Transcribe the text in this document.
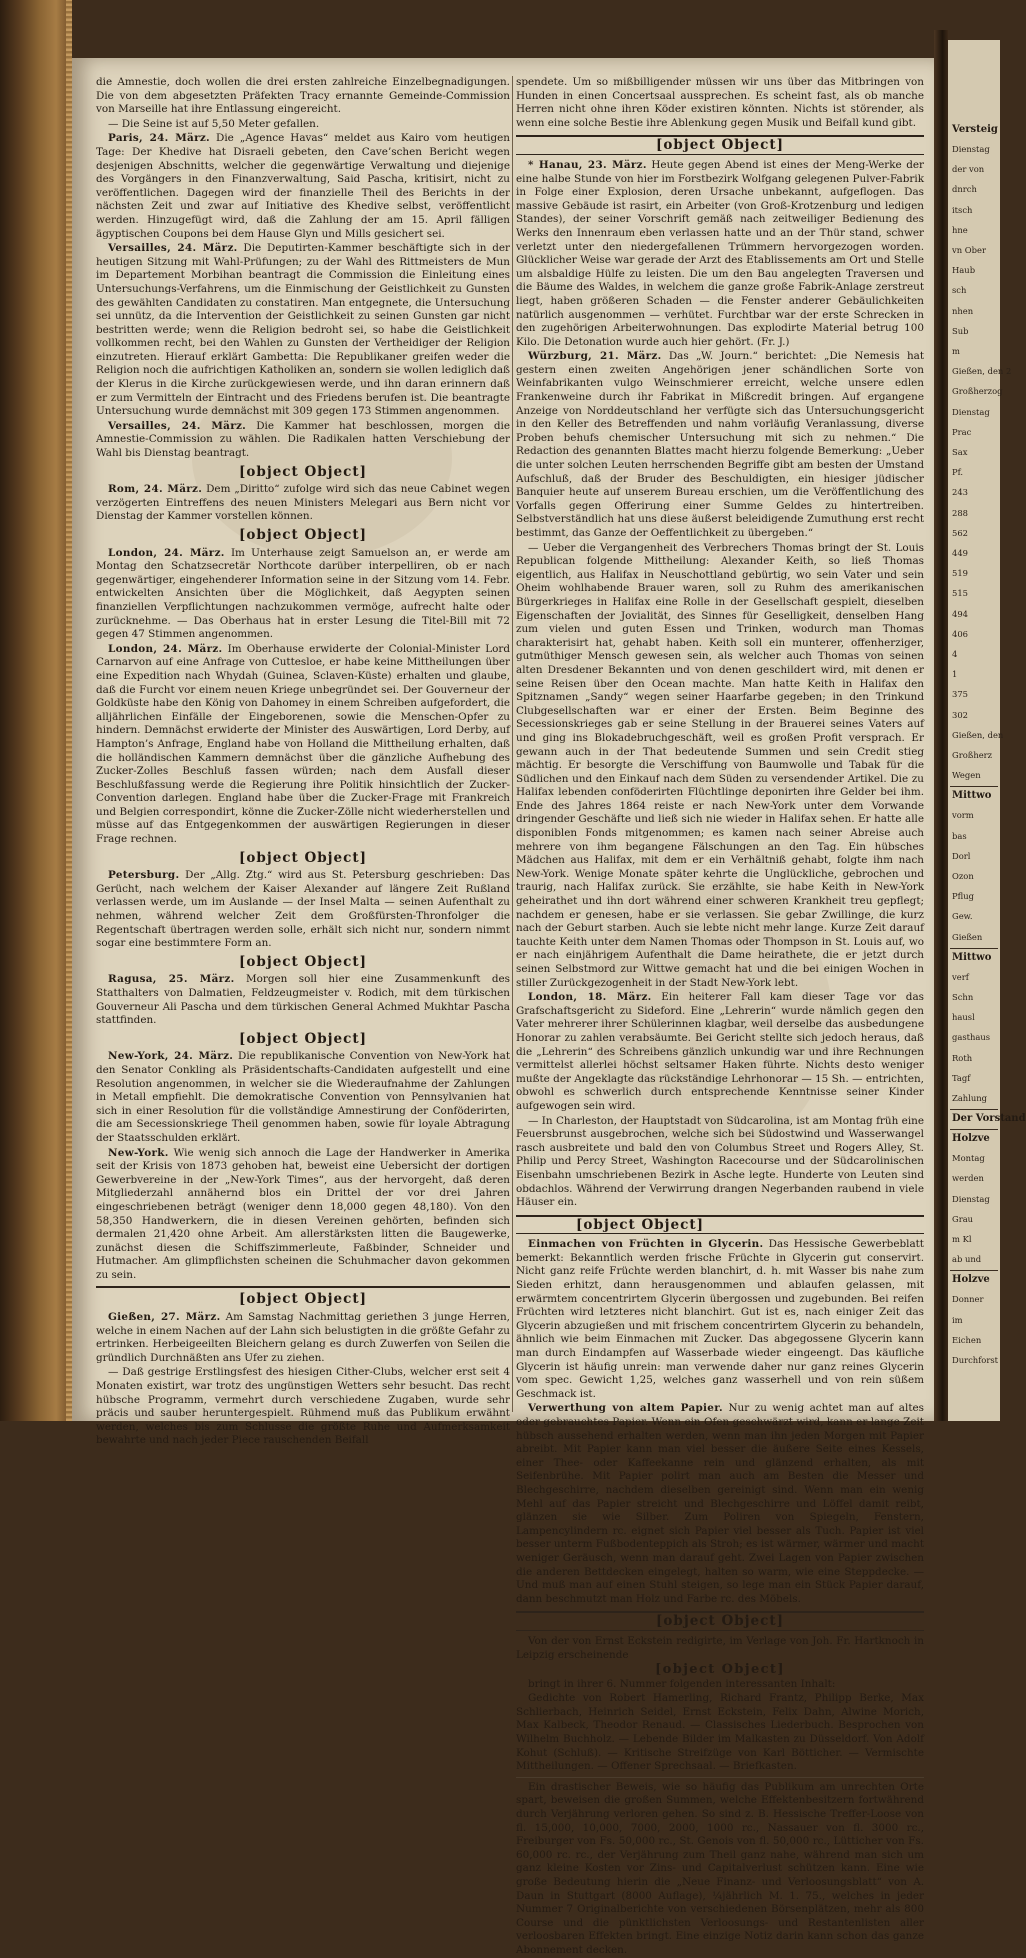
Versteig
Dienstag
der von
dnrch
itsch
hne
vn Ober
Haub
sch
nhen
Sub
m
Gießen, den 2
Großherzog
Dienstag
Prac
Sax
Pf.
243
288
562
449
519
515
494
406
4
1
375
302
Gießen, den
Großherz
Wegen
Mittwo
vorm
bas
Dorl
Ozon
Pflug
Gew.
Gießen
Mittwo
verf
Schn
hausl
gasthaus
Roth
Tagf
Zahlung
Der Vorstand
Holzve
Montag
werden
Dienstag
Grau
m Kl
ab und
Holzve
Donner
im
Eichen
Durchforst

die Amnestie, doch wollen die drei ersten zahlreiche Einzelbegnadigungen. Die von dem abgesetzten Präfekten Tracy ernannte Gemeinde-Commission von Marseille hat ihre Entlassung eingereicht.

— Die Seine ist auf 5,50 Meter gefallen.

Paris, 24. März. Die „Agence Havas“ meldet aus Kairo vom heutigen Tage: Der Khedive hat Disraeli gebeten, den Cave’schen Bericht wegen desjenigen Abschnitts, welcher die gegenwärtige Verwaltung und diejenige des Vorgängers in den Finanzverwaltung, Said Pascha, kritisirt, nicht zu veröffentlichen. Dagegen wird der finanzielle Theil des Berichts in der nächsten Zeit und zwar auf Initiative des Khedive selbst, veröffentlicht werden. Hinzugefügt wird, daß die Zahlung der am 15. April fälligen ägyptischen Coupons bei dem Hause Glyn und Mills gesichert sei.

Versailles, 24. März. Die Deputirten-Kammer beschäftigte sich in der heutigen Sitzung mit Wahl-Prüfungen; zu der Wahl des Rittmeisters de Mun im Departement Morbihan beantragt die Commission die Einleitung eines Untersuchungs-Verfahrens, um die Einmischung der Geistlichkeit zu Gunsten des gewählten Candidaten zu constatiren. Man entgegnete, die Untersuchung sei unnütz, da die Intervention der Geistlichkeit zu seinen Gunsten gar nicht bestritten werde; wenn die Religion bedroht sei, so habe die Geistlichkeit vollkommen recht, bei den Wahlen zu Gunsten der Vertheidiger der Religion einzutreten. Hierauf erklärt Gambetta: Die Republikaner greifen weder die Religion noch die aufrichtigen Katholiken an, sondern sie wollen lediglich daß der Klerus in die Kirche zurückgewiesen werde, und ihn daran erinnern daß er zum Vermitteln der Eintracht und des Friedens berufen ist. Die beantragte Untersuchung wurde demnächst mit 309 gegen 173 Stimmen angenommen.

Versailles, 24. März. Die Kammer hat beschlossen, morgen die Amnestie-Commission zu wählen. Die Radikalen hatten Verschiebung der Wahl bis Dienstag beantragt.

[object Object]

Rom, 24. März. Dem „Diritto“ zufolge wird sich das neue Cabinet wegen verzögerten Eintreffens des neuen Ministers Melegari aus Bern nicht vor Dienstag der Kammer vorstellen können.

[object Object]

London, 24. März. Im Unterhause zeigt Samuelson an, er werde am Montag den Schatzsecretär Northcote darüber interpelliren, ob er nach gegenwärtiger, eingehenderer Information seine in der Sitzung vom 14. Febr. entwickelten Ansichten über die Möglichkeit, daß Aegypten seinen finanziellen Verpflichtungen nachzukommen vermöge, aufrecht halte oder zurücknehme. — Das Oberhaus hat in erster Lesung die Titel-Bill mit 72 gegen 47 Stimmen angenommen.

London, 24. März. Im Oberhause erwiderte der Colonial-Minister Lord Carnarvon auf eine Anfrage von Cuttesloe, er habe keine Mittheilungen über eine Expedition nach Whydah (Guinea, Sclaven-Küste) erhalten und glaube, daß die Furcht vor einem neuen Kriege unbegründet sei. Der Gouverneur der Goldküste habe den König von Dahomey in einem Schreiben aufgefordert, die alljährlichen Einfälle der Eingeborenen, sowie die Menschen-Opfer zu hindern. Demnächst erwiderte der Minister des Auswärtigen, Lord Derby, auf Hampton’s Anfrage, England habe von Holland die Mittheilung erhalten, daß die holländischen Kammern demnächst über die gänzliche Aufhebung des Zucker-Zolles Beschluß fassen würden; nach dem Ausfall dieser Beschlußfassung werde die Regierung ihre Politik hinsichtlich der Zucker-Convention darlegen. England habe über die Zucker-Frage mit Frankreich und Belgien correspondirt, könne die Zucker-Zölle nicht wiederherstellen und müsse auf das Entgegenkommen der auswärtigen Regierungen in dieser Frage rechnen.

[object Object]

Petersburg. Der „Allg. Ztg.“ wird aus St. Petersburg geschrieben: Das Gerücht, nach welchem der Kaiser Alexander auf längere Zeit Rußland verlassen werde, um im Auslande — der Insel Malta — seinen Aufenthalt zu nehmen, während welcher Zeit dem Großfürsten-Thronfolger die Regentschaft übertragen werden solle, erhält sich nicht nur, sondern nimmt sogar eine bestimmtere Form an.

[object Object]

Ragusa, 25. März. Morgen soll hier eine Zusammenkunft des Statthalters von Dalmatien, Feldzeugmeister v. Rodich, mit dem türkischen Gouverneur Ali Pascha und dem türkischen General Achmed Mukhtar Pascha stattfinden.

[object Object]

New-York, 24. März. Die republikanische Convention von New-York hat den Senator Conkling als Präsidentschafts-Candidaten aufgestellt und eine Resolution angenommen, in welcher sie die Wiederaufnahme der Zahlungen in Metall empfiehlt. Die demokratische Convention von Pennsylvanien hat sich in einer Resolution für die vollständige Amnestirung der Conföderirten, die am Secessionskriege Theil genommen haben, sowie für loyale Abtragung der Staatsschulden erklärt.

New-York. Wie wenig sich annoch die Lage der Handwerker in Amerika seit der Krisis von 1873 gehoben hat, beweist eine Uebersicht der dortigen Gewerbvereine in der „New-York Times“, aus der hervorgeht, daß deren Mitgliederzahl annähernd blos ein Drittel der vor drei Jahren eingeschriebenen beträgt (weniger denn 18,000 gegen 48,180). Von den 58,350 Handwerkern, die in diesen Vereinen gehörten, befinden sich dermalen 21,420 ohne Arbeit. Am allerstärksten litten die Baugewerke, zunächst diesen die Schiffszimmerleute, Faßbinder, Schneider und Hutmacher. Am glimpflichsten scheinen die Schuhmacher davon gekommen zu sein.

[object Object]

Gießen, 27. März. Am Samstag Nachmittag geriethen 3 junge Herren, welche in einem Nachen auf der Lahn sich belustigten in die größte Gefahr zu ertrinken. Herbeigeeilten Bleichern gelang es durch Zuwerfen von Seilen die gründlich Durchnäßten ans Ufer zu ziehen.

— Daß gestrige Erstlingsfest des hiesigen Cither-Clubs, welcher erst seit 4 Monaten existirt, war trotz des ungünstigen Wetters sehr besucht. Das recht hübsche Programm, vermehrt durch verschiedene Zugaben, wurde sehr präcis und sauber heruntergespielt. Rühmend muß das Publikum erwähnt werden, welches bis zum Schlusse die größte Ruhe und Aufmerksamkeit bewahrte und nach jeder Piece rauschenden Beifall

spendete. Um so mißbilligender müssen wir uns über das Mitbringen von Hunden in einen Concertsaal aussprechen. Es scheint fast, als ob manche Herren nicht ohne ihren Köder existiren könnten. Nichts ist störender, als wenn eine solche Bestie ihre Ablenkung gegen Musik und Beifall kund gibt.

[object Object]

* Hanau, 23. März. Heute gegen Abend ist eines der Meng-Werke der eine halbe Stunde von hier im Forstbezirk Wolfgang gelegenen Pulver-Fabrik in Folge einer Explosion, deren Ursache unbekannt, aufgeflogen. Das massive Gebäude ist rasirt, ein Arbeiter (von Groß-Krotzenburg und ledigen Standes), der seiner Vorschrift gemäß nach zeitweiliger Bedienung des Werks den Innenraum eben verlassen hatte und an der Thür stand, schwer verletzt unter den niedergefallenen Trümmern hervorgezogen worden. Glücklicher Weise war gerade der Arzt des Etablissements am Ort und Stelle um alsbaldige Hülfe zu leisten. Die um den Bau angelegten Traversen und die Bäume des Waldes, in welchem die ganze große Fabrik-Anlage zerstreut liegt, haben größeren Schaden — die Fenster anderer Gebäulichkeiten natürlich ausgenommen — verhütet. Furchtbar war der erste Schrecken in den zugehörigen Arbeiterwohnungen. Das explodirte Material betrug 100 Kilo. Die Detonation wurde auch hier gehört. (Fr. J.)

Würzburg, 21. März. Das „W. Journ.“ berichtet: „Die Nemesis hat gestern einen zweiten Angehörigen jener schändlichen Sorte von Weinfabrikanten vulgo Weinschmierer erreicht, welche unsere edlen Frankenweine durch ihr Fabrikat in Mißcredit bringen. Auf ergangene Anzeige von Norddeutschland her verfügte sich das Untersuchungsgericht in den Keller des Betreffenden und nahm vorläufig Veranlassung, diverse Proben behufs chemischer Untersuchung mit sich zu nehmen.“ Die Redaction des genannten Blattes macht hierzu folgende Bemerkung: „Ueber die unter solchen Leuten herrschenden Begriffe gibt am besten der Umstand Aufschluß, daß der Bruder des Beschuldigten, ein hiesiger jüdischer Banquier heute auf unserem Bureau erschien, um die Veröffentlichung des Vorfalls gegen Offerirung einer Summe Geldes zu hintertreiben. Selbstverständlich hat uns diese äußerst beleidigende Zumuthung erst recht bestimmt, das Ganze der Oeffentlichkeit zu übergeben.“

— Ueber die Vergangenheit des Verbrechers Thomas bringt der St. Louis Republican folgende Mittheilung: Alexander Keith, so ließ Thomas eigentlich, aus Halifax in Neuschottland gebürtig, wo sein Vater und sein Oheim wohlhabende Brauer waren, soll zu Ruhm des amerikanischen Bürgerkrieges in Halifax eine Rolle in der Gesellschaft gespielt, dieselben Eigenschaften der Jovialität, des Sinnes für Geselligkeit, denselben Hang zum vielen und guten Essen und Trinken, wodurch man Thomas charakterisirt hat, gehabt haben. Keith soll ein munterer, offenherziger, gutmüthiger Mensch gewesen sein, als welcher auch Thomas von seinen alten Dresdener Bekannten und von denen geschildert wird, mit denen er seine Reisen über den Ocean machte. Man hatte Keith in Halifax den Spitznamen „Sandy“ wegen seiner Haarfarbe gegeben; in den Trinkund Clubgesellschaften war er einer der Ersten. Beim Beginne des Secessionskrieges gab er seine Stellung in der Brauerei seines Vaters auf und ging ins Blokadebruchgeschäft, weil es großen Profit versprach. Er gewann auch in der That bedeutende Summen und sein Credit stieg mächtig. Er besorgte die Verschiffung von Baumwolle und Tabak für die Südlichen und den Einkauf nach dem Süden zu versendender Artikel. Die zu Halifax lebenden conföderirten Flüchtlinge deponirten ihre Gelder bei ihm. Ende des Jahres 1864 reiste er nach New-York unter dem Vorwande dringender Geschäfte und ließ sich nie wieder in Halifax sehen. Er hatte alle disponiblen Fonds mitgenommen; es kamen nach seiner Abreise auch mehrere von ihm begangene Fälschungen an den Tag. Ein hübsches Mädchen aus Halifax, mit dem er ein Verhältniß gehabt, folgte ihm nach New-York. Wenige Monate später kehrte die Unglückliche, gebrochen und traurig, nach Halifax zurück. Sie erzählte, sie habe Keith in New-York geheirathet und ihn dort während einer schweren Krankheit treu gepflegt; nachdem er genesen, habe er sie verlassen. Sie gebar Zwillinge, die kurz nach der Geburt starben. Auch sie lebte nicht mehr lange. Kurze Zeit darauf tauchte Keith unter dem Namen Thomas oder Thompson in St. Louis auf, wo er nach einjährigem Aufenthalt die Dame heirathete, die er jetzt durch seinen Selbstmord zur Wittwe gemacht hat und die bei einigen Wochen in stiller Zurückgezogenheit in der Stadt New-York lebt.

London, 18. März. Ein heiterer Fall kam dieser Tage vor das Grafschaftsgericht zu Sideford. Eine „Lehrerin“ wurde nämlich gegen den Vater mehrerer ihrer Schülerinnen klagbar, weil derselbe das ausbedungene Honorar zu zahlen verabsäumte. Bei Gericht stellte sich jedoch heraus, daß die „Lehrerin“ des Schreibens gänzlich unkundig war und ihre Rechnungen vermittelst allerlei höchst seltsamer Haken führte. Nichts desto weniger mußte der Angeklagte das rückständige Lehrhonorar — 15 Sh. — entrichten, obwohl es schwerlich durch entsprechende Kenntnisse seiner Kinder aufgewogen sein wird.

— In Charleston, der Hauptstadt von Südcarolina, ist am Montag früh eine Feuersbrunst ausgebrochen, welche sich bei Südostwind und Wasserwangel rasch ausbreitete und bald den von Columbus Street und Rogers Alley, St. Philip und Percy Street, Washington Racecourse und der Südcarolinischen Eisenbahn umschriebenen Bezirk in Asche legte. Hunderte von Leuten sind obdachlos. Während der Verwirrung drangen Negerbanden raubend in viele Häuser ein.

[object Object]

Einmachen von Früchten in Glycerin. Das Hessische Gewerbeblatt bemerkt: Bekanntlich werden frische Früchte in Glycerin gut conservirt. Nicht ganz reife Früchte werden blanchirt, d. h. mit Wasser bis nahe zum Sieden erhitzt, dann herausgenommen und ablaufen gelassen, mit erwärmtem concentrirtem Glycerin übergossen und zugebunden. Bei reifen Früchten wird letzteres nicht blanchirt. Gut ist es, nach einiger Zeit das Glycerin abzugießen und mit frischem concentrirtem Glycerin zu behandeln, ähnlich wie beim Einmachen mit Zucker. Das abgegossene Glycerin kann man durch Eindampfen auf Wasserbade wieder eingeengt. Das käufliche Glycerin ist häufig unrein: man verwende daher nur ganz reines Glycerin vom spec. Gewicht 1,25, welches ganz wasserhell und von rein süßem Geschmack ist.

Verwerthung von altem Papier. Nur zu wenig achtet man auf altes oder gebrauchtes Papier. Wenn ein Ofen geschwärzt wird, kann er lange Zeit hübsch aussehend erhalten werden, wenn man ihn jeden Morgen mit Papier abreibt. Mit Papier kann man viel besser die äußere Seite eines Kessels, einer Thee- oder Kaffeekanne rein und glänzend erhalten, als mit Seifenbrühe. Mit Papier polirt man auch am Besten die Messer und Blechgeschirre, nachdem dieselben gereinigt sind. Wenn man ein wenig Mehl auf das Papier streicht und Blechgeschirre und Löffel damit reibt, glänzen sie wie Silber. Zum Poliren von Spiegeln, Fenstern, Lampencylindern rc. eignet sich Papier viel besser als Tuch. Papier ist viel besser unterm Fußbodenteppich als Stroh; es ist wärmer, wärmer und macht weniger Geräusch, wenn man darauf geht. Zwei Lagen von Papier zwischen die anderen Bettdecken eingelegt, halten so warm, wie eine Steppdecke. — Und muß man auf einen Stuhl steigen, so lege man ein Stück Papier darauf, dann beschmutzt man Holz und Farbe rc. des Möbels.

[object Object]

Von der von Ernst Eckstein redigirte, im Verlage von Joh. Fr. Hartknoch in Leipzig erscheinende

[object Object]

bringt in ihrer 6. Nummer folgenden interessanten Inhalt:

Gedichte von Robert Hamerling, Richard Frantz, Philipp Berke, Max Schlierbach, Heinrich Seidel, Ernst Eckstein, Felix Dahn, Alwine Morich, Max Kalbeck, Theodor Renaud. — Classisches Liederbuch. Besprochen von Wilhelm Buchholz. — Lebende Bilder im Malkasten zu Düsseldorf. Von Adolf Kohut (Schluß). — Kritische Streifzüge von Karl Bötticher. — Vermischte Mittheilungen. — Offener Sprechsaal. — Briefkasten.

Ein drastischer Beweis, wie so häufig das Publikum am unrechten Orte spart, beweisen die großen Summen, welche Effektenbesitzern fortwährend durch Verjährung verloren gehen. So sind z. B. Hessische Treffer-Loose von fl. 15,000, 10,000, 7000, 2000, 1000 rc., Nassauer von fl. 3000 rc., Freiburger von Fs. 50,000 rc., St. Genois von fl. 50,000 rc., Lütticher von Fs. 60,000 rc. rc., der Verjährung zum Theil ganz nahe, während man sich um ganz kleine Kosten vor Zins- und Capitalverlust schützen kann. Eine wie große Bedeutung hierin die „Neue Finanz- und Verloosungsblatt“ von A. Daun in Stuttgart (8000 Auflage), ¼jährlich M. 1. 75., welches in jeder Nummer 7 Originalberichte von verschiedenen Börsenplätzen, mehr als 800 Course und die pünktlichsten Verloosungs- und Restantenlisten aller verloosbaren Effekten bringt. Eine einzige Notiz darin kann schon das ganze Abonnement decken.
